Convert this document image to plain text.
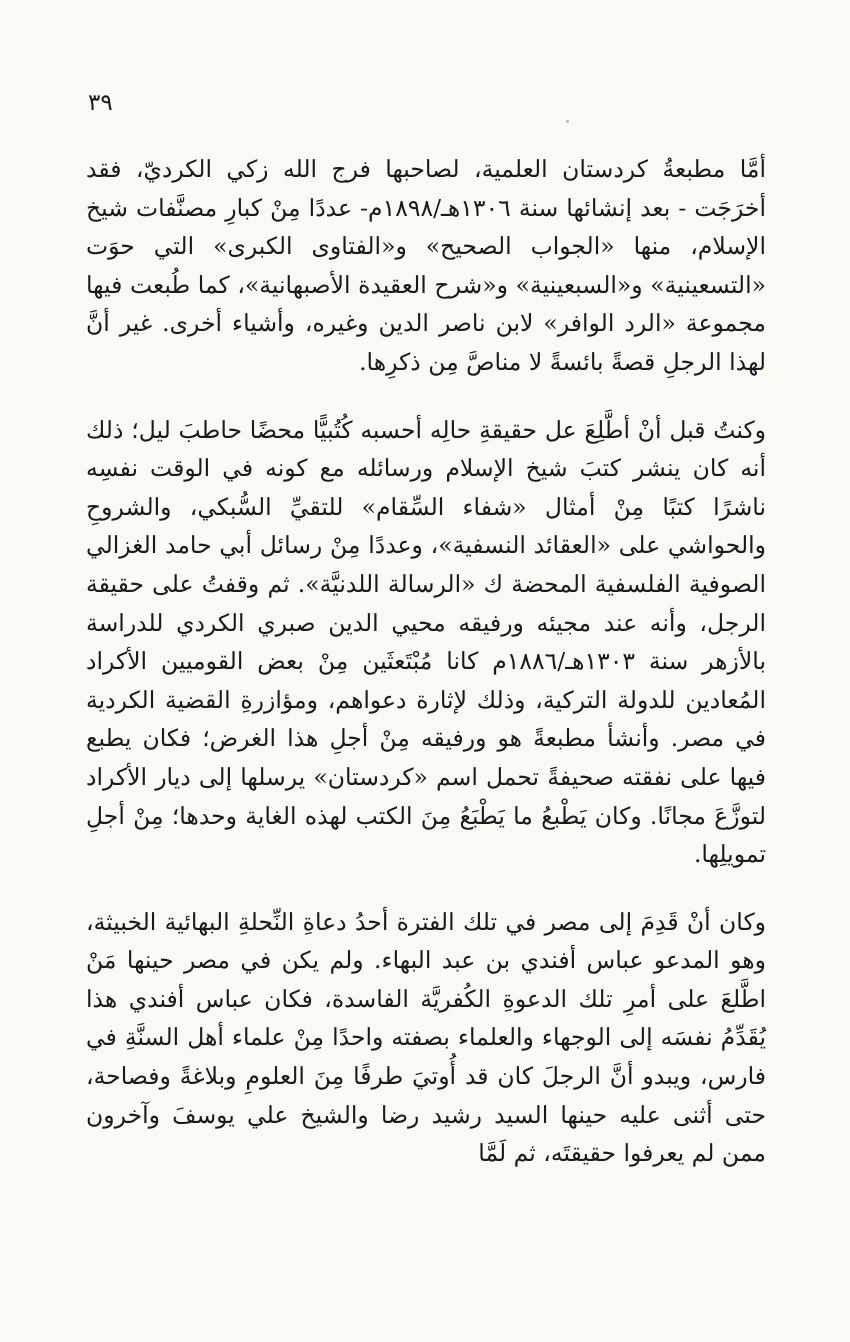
٣٩

أمَّا مطبعةُ كردستان العلمية، لصاحبها فرج الله زكي الكرديّ، فقد أخرَجَت - بعد إنشائها سنة ١٣٠٦هـ/١٨٩٨م- عددًا مِنْ كبارِ مصنَّفات شيخ الإسلام، منها «الجواب الصحيح» و«الفتاوى الكبرى» التي حوَت «التسعينية» و«السبعينية» و«شرح العقيدة الأصبهانية»، كما طُبعت فيها مجموعة «الرد الوافر» لابن ناصر الدين وغيره، وأشياء أخرى. غير أنَّ لهذا الرجلِ قصةً بائسةً لا مناصَّ مِن ذكرِها.

وكنتُ قبل أنْ أطَّلِعَ عل حقيقةِ حالِه أحسبه كُتُبيًّا محضًا حاطبَ ليل؛ ذلك أنه كان ينشر كتبَ شيخ الإسلام ورسائله مع كونه في الوقت نفسِه ناشرًا كتبًا مِنْ أمثال «شفاء السِّقام» للتقيِّ السُّبكي، والشروحِ والحواشي على «العقائد النسفية»، وعددًا مِنْ رسائل أبي حامد الغزالي الصوفية الفلسفية المحضة ك «الرسالة اللدنيَّة». ثم وقفتُ على حقيقة الرجل، وأنه عند مجيئه ورفيقه محيي الدين صبري الكردي للدراسة بالأزهر سنة ١٣٠٣هـ/١٨٨٦م كانا مُبْتَعثَين مِنْ بعض القوميين الأكراد المُعادين للدولة التركية، وذلك لإثارة دعواهم، ومؤازرةِ القضية الكردية في مصر. وأنشأ مطبعةً هو ورفيقه مِنْ أجلِ هذا الغرض؛ فكان يطبع فيها على نفقته صحيفةً تحمل اسم «كردستان» يرسلها إلى ديار الأكراد لتوزَّعَ مجانًا. وكان يَطْبعُ ما يَطْبَعُ مِنَ الكتب لهذه الغاية وحدها؛ مِنْ أجلِ تمويلِها.

وكان أنْ قَدِمَ إلى مصر في تلك الفترة أحدُ دعاةِ النِّحلةِ البهائية الخبيثة، وهو المدعو عباس أفندي بن عبد البهاء. ولم يكن في مصر حينها مَنْ اطَّلعَ على أمرِ تلك الدعوةِ الكُفريَّة الفاسدة، فكان عباس أفندي هذا يُقَدِّمُ نفسَه إلى الوجهاء والعلماء بصفته واحدًا مِنْ علماء أهل السنَّةِ في فارس، ويبدو أنَّ الرجلَ كان قد أُوتيَ طرفًا مِنَ العلومِ وبلاغةً وفصاحة، حتى أثنى عليه حينها السيد رشيد رضا والشيخ علي يوسفَ وآخرون ممن لم يعرفوا حقيقتَه، ثم لَمَّا
